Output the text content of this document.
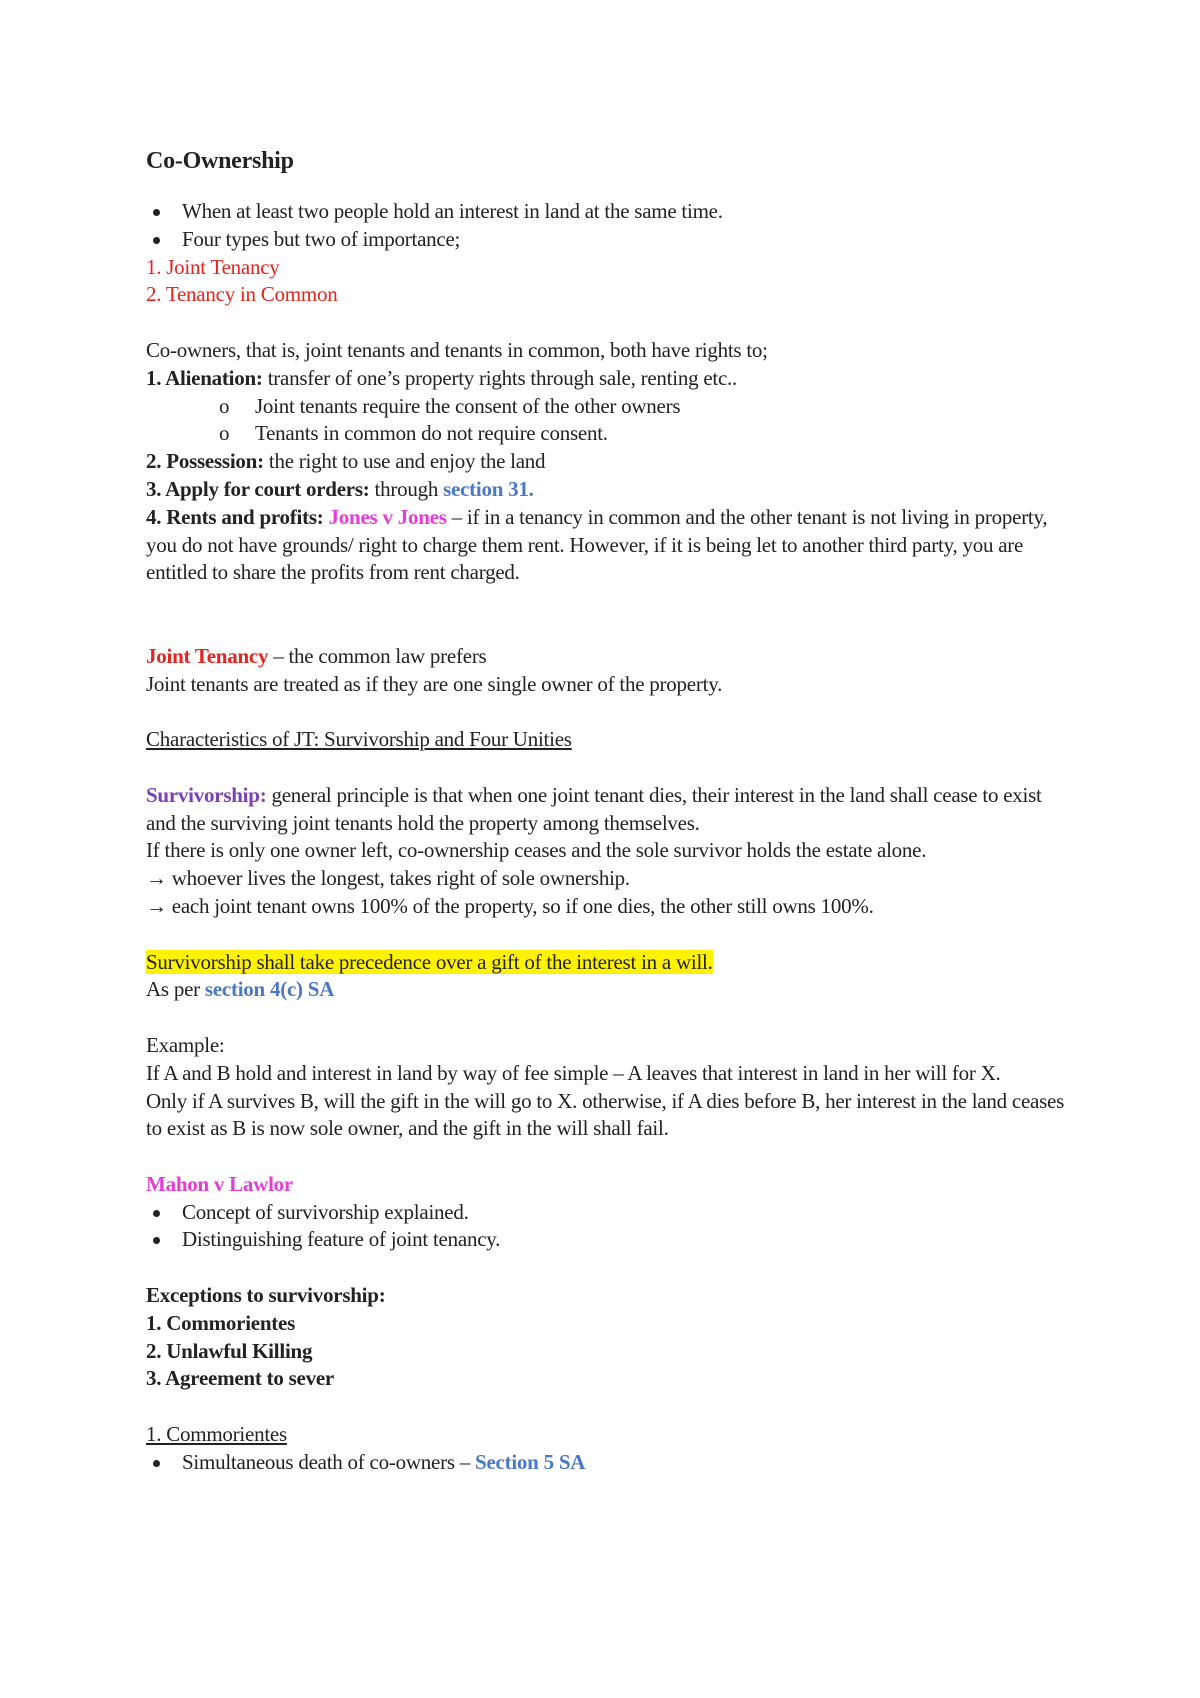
Co-Ownership

When at least two people hold an interest in land at the same time.

Four types but two of importance;

1. Joint Tenancy

2. Tenancy in Common

Co-owners, that is, joint tenants and tenants in common, both have rights to;

1. Alienation: transfer of one’s property rights through sale, renting etc..

o Joint tenants require the consent of the other owners

o Tenants in common do not require consent.

2. Possession: the right to use and enjoy the land

3. Apply for court orders: through section 31.

4. Rents and profits: Jones v Jones – if in a tenancy in common and the other tenant is not living in property, you do not have grounds/ right to charge them rent. However, if it is being let to another third party, you are entitled to share the profits from rent charged.

Joint Tenancy – the common law prefers

Joint tenants are treated as if they are one single owner of the property.

Characteristics of JT: Survivorship and Four Unities

Survivorship: general principle is that when one joint tenant dies, their interest in the land shall cease to exist and the surviving joint tenants hold the property among themselves.

If there is only one owner left, co-ownership ceases and the sole survivor holds the estate alone.

→ whoever lives the longest, takes right of sole ownership.

→ each joint tenant owns 100% of the property, so if one dies, the other still owns 100%.

Survivorship shall take precedence over a gift of the interest in a will.

As per section 4(c) SA

Example:

If A and B hold and interest in land by way of fee simple – A leaves that interest in land in her will for X.

Only if A survives B, will the gift in the will go to X. otherwise, if A dies before B, her interest in the land ceases to exist as B is now sole owner, and the gift in the will shall fail.

Mahon v Lawlor

Concept of survivorship explained.

Distinguishing feature of joint tenancy.

Exceptions to survivorship:

1. Commorientes

2. Unlawful Killing

3. Agreement to sever

1. Commorientes

Simultaneous death of co-owners – Section 5 SA
